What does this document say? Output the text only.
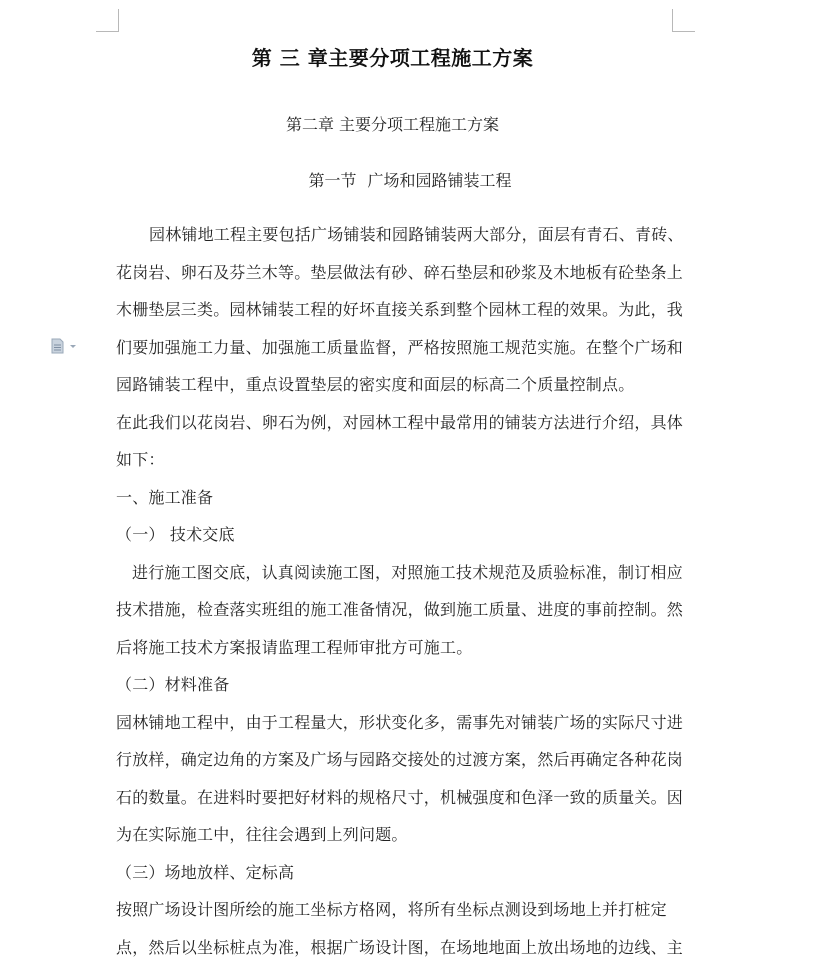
第 三 章主要分项工程施工方案
第二章 主要分项工程施工方案
第一节 广场和园路铺装工程
园林铺地工程主要包括广场铺装和园路铺装两大部分，面层有青石、青砖、
花岗岩、卵石及芬兰木等。垫层做法有砂、碎石垫层和砂浆及木地板有砼垫条上
木栅垫层三类。园林铺装工程的好坏直接关系到整个园林工程的效果。为此，我
们要加强施工力量、加强施工质量监督，严格按照施工规范实施。在整个广场和
园路铺装工程中，重点设置垫层的密实度和面层的标高二个质量控制点。
在此我们以花岗岩、卵石为例，对园林工程中最常用的铺装方法进行介绍，具体
如下：
一、施工准备
（一） 技术交底
进行施工图交底，认真阅读施工图，对照施工技术规范及质验标准，制订相应
技术措施，检查落实班组的施工准备情况，做到施工质量、进度的事前控制。然
后将施工技术方案报请监理工程师审批方可施工。
（二）材料准备
园林铺地工程中，由于工程量大，形状变化多，需事先对铺装广场的实际尺寸进
行放样，确定边角的方案及广场与园路交接处的过渡方案，然后再确定各种花岗
石的数量。在进料时要把好材料的规格尺寸，机械强度和色泽一致的质量关。因
为在实际施工中，往往会遇到上列问题。
（三）场地放样、定标高
按照广场设计图所绘的施工坐标方格网，将所有坐标点测设到场地上并打桩定
点，然后以坐标桩点为准，根据广场设计图，在场地地面上放出场地的边线、主
